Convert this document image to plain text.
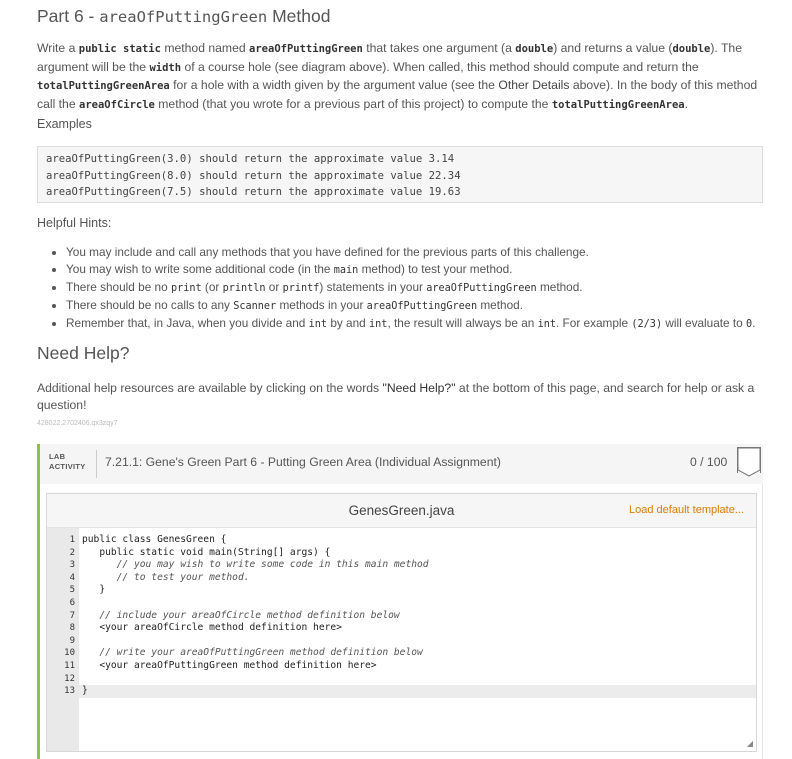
Part 6 - areaOfPuttingGreen Method

Write a public static method named areaOfPuttingGreen that takes one argument (a double) and returns a value (double). The argument will be the width of a course hole (see diagram above). When called, this method should compute and return the totalPuttingGreenArea for a hole with a width given by the argument value (see the Other Details above). In the body of this method call the areaOfCircle method (that you wrote for a previous part of this project) to compute the totalPuttingGreenArea.

Examples
areaOfPuttingGreen(3.0) should return the approximate value 3.14
areaOfPuttingGreen(8.0) should return the approximate value 22.34
areaOfPuttingGreen(7.5) should return the approximate value 19.63
Helpful Hints:
• You may include and call any methods that you have defined for the previous parts of this challenge.
• You may wish to write some additional code (in the main method) to test your method.
• There should be no print (or println or printf) statements in your areaOfPuttingGreen method.
• There should be no calls to any Scanner methods in your areaOfPuttingGreen method.
• Remember that, in Java, when you divide and int by and int, the result will always be an int. For example (2/3) will evaluate to 0.
Need Help?

Additional help resources are available by clicking on the words "Need Help?" at the bottom of this page, and search for help or ask a question!

428022.2702406.qx3zqy7
LAB
ACTIVITY 7.21.1: Gene's Green Part 6 - Putting Green Area (Individual Assignment)	0 / 100
GenesGreen.java	Load default template...
1
2
3
4
5
6
7
8
9
10
11
12
13
public class GenesGreen {
public static void main(String[] args) {
// you may wish to write some code in this main method
// to test your method.
}
// include your areaOfCircle method definition below
<your areaOfCircle method definition here>
// write your areaOfPuttingGreen method definition below
<your areaOfPuttingGreen method definition here>
}
◢
